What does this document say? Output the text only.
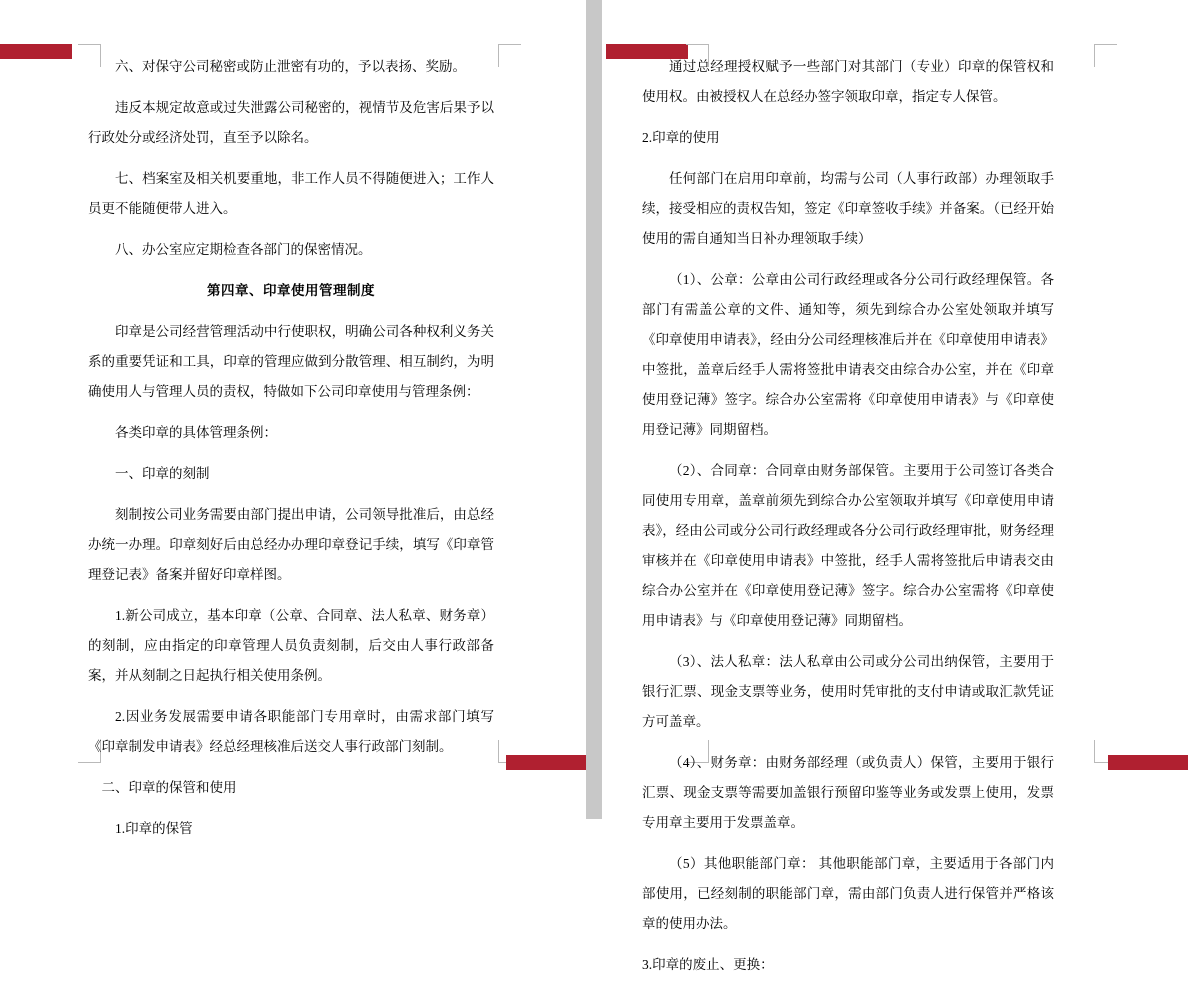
六、对保守公司秘密或防止泄密有功的，予以表扬、奖励。

违反本规定故意或过失泄露公司秘密的，视情节及危害后果予以行政处分或经济处罚，直至予以除名。

七、档案室及相关机要重地，非工作人员不得随便进入；工作人员更不能随便带人进入。

八、办公室应定期检查各部门的保密情况。

第四章、印章使用管理制度

印章是公司经营管理活动中行使职权，明确公司各种权利义务关系的重要凭证和工具，印章的管理应做到分散管理、相互制约，为明确使用人与管理人员的责权，特做如下公司印章使用与管理条例：

各类印章的具体管理条例：

一、印章的刻制

刻制按公司业务需要由部门提出申请，公司领导批准后，由总经办统一办理。印章刻好后由总经办办理印章登记手续，填写《印章管理登记表》备案并留好印章样图。

1.新公司成立，基本印章（公章、合同章、法人私章、财务章）的刻制，应由指定的印章管理人员负责刻制，后交由人事行政部备案，并从刻制之日起执行相关使用条例。

2.因业务发展需要申请各职能部门专用章时，由需求部门填写《印章制发申请表》经总经理核准后送交人事行政部门刻制。

二、印章的保管和使用

1.印章的保管

通过总经理授权赋予一些部门对其部门（专业）印章的保管权和使用权。由被授权人在总经办签字领取印章，指定专人保管。

2.印章的使用

任何部门在启用印章前，均需与公司（人事行政部）办理领取手续，接受相应的责权告知，签定《印章签收手续》并备案。（已经开始使用的需自通知当日补办理领取手续）

（1）、公章：公章由公司行政经理或各分公司行政经理保管。各部门有需盖公章的文件、通知等，须先到综合办公室处领取并填写《印章使用申请表》，经由分公司经理核准后并在《印章使用申请表》中签批，盖章后经手人需将签批申请表交由综合办公室，并在《印章使用登记薄》签字。综合办公室需将《印章使用申请表》与《印章使用登记薄》同期留档。

（2）、合同章：合同章由财务部保管。主要用于公司签订各类合同使用专用章，盖章前须先到综合办公室领取并填写《印章使用申请表》，经由公司或分公司行政经理或各分公司行政经理审批，财务经理审核并在《印章使用申请表》中签批，经手人需将签批后申请表交由综合办公室并在《印章使用登记薄》签字。综合办公室需将《印章使用申请表》与《印章使用登记薄》同期留档。

（3）、法人私章：法人私章由公司或分公司出纳保管，主要用于银行汇票、现金支票等业务，使用时凭审批的支付申请或取汇款凭证方可盖章。

（4）、财务章：由财务部经理（或负责人）保管，主要用于银行汇票、现金支票等需要加盖银行预留印鉴等业务或发票上使用，发票专用章主要用于发票盖章。

（5）其他职能部门章： 其他职能部门章，主要适用于各部门内部使用，已经刻制的职能部门章，需由部门负责人进行保管并严格该章的使用办法。

3.印章的废止、更换：
